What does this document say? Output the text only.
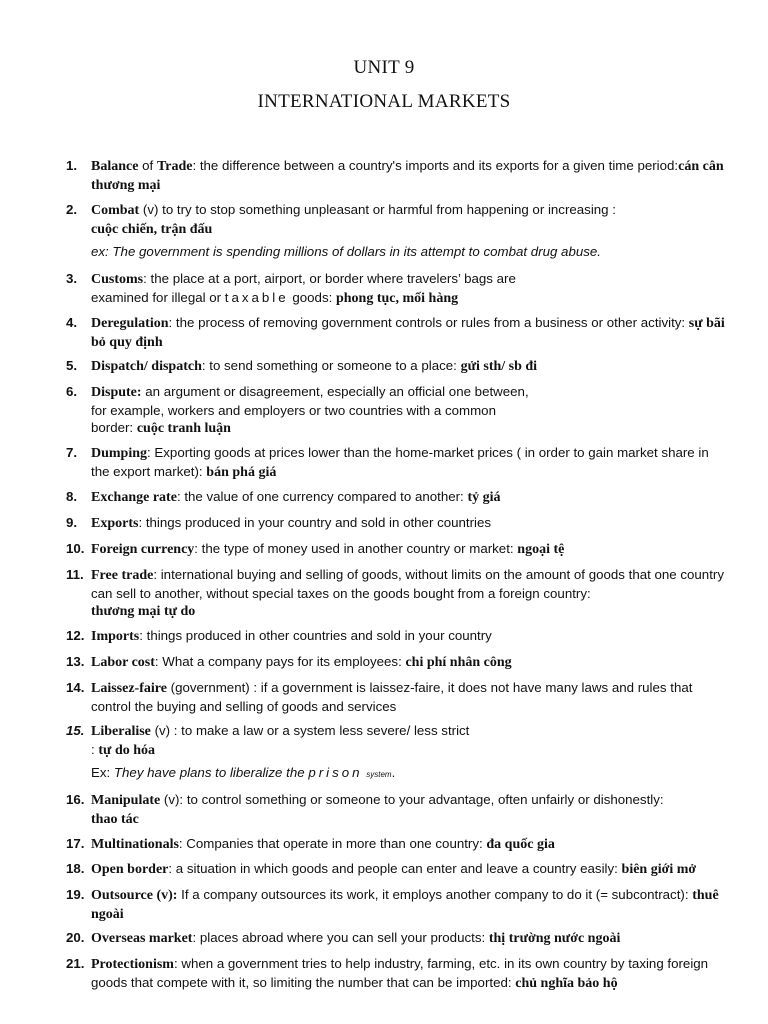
UNIT 9
INTERNATIONAL MARKETS
1. Balance of Trade: the difference between a country's imports and its exports for a given time period:cán cân thương mại
2. Combat (v) to try to stop something unpleasant or harmful from happening or increasing :
cuộc chiến, trận đấu
ex: The government is spending millions of dollars in its attempt to combat drug abuse.
3. Customs: the place at a port, airport, or border where travelers’ bags are
examined for illegal or taxable goods: phong tục, mối hàng
4. Deregulation: the process of removing government controls or rules from a business or other activity: sự bãi bỏ quy định
5. Dispatch/ dispatch: to send something or someone to a place: gửi sth/ sb đi
6. Dispute: an argument or disagreement, especially an official one between,
for example, workers and employers or two countries with a common
border: cuộc tranh luận
7. Dumping: Exporting goods at prices lower than the home-market prices ( in order to gain market share in the export market): bán phá giá
8. Exchange rate: the value of one currency compared to another: tỷ giá
9. Exports: things produced in your country and sold in other countries
10. Foreign currency: the type of money used in another country or market: ngoại tệ
11. Free trade: international buying and selling of goods, without limits on the amount of goods that one country can sell to another, without special taxes on the goods bought from a foreign country:
thương mại tự do
12. Imports: things produced in other countries and sold in your country
13. Labor cost: What a company pays for its employees: chi phí nhân công
14. Laissez-faire (government) : if a government is laissez-faire, it does not have many laws and rules that control the buying and selling of goods and services
15. Liberalise (v) : to make a law or a system less severe/ less strict
: tự do hóa
Ex: They have plans to liberalize the prison system.
16. Manipulate (v): to control something or someone to your advantage, often unfairly or dishonestly:
thao tác
17. Multinationals: Companies that operate in more than one country: đa quốc gia
18. Open border: a situation in which goods and people can enter and leave a country easily: biên giới mở
19. Outsource (v): If a company outsources its work, it employs another company to do it (= subcontract): thuê ngoài
20. Overseas market: places abroad where you can sell your products: thị trường nước ngoài
21. Protectionism: when a government tries to help industry, farming, etc. in its own country by taxing foreign goods that compete with it, so limiting the number that can be imported: chủ nghĩa bảo hộ
